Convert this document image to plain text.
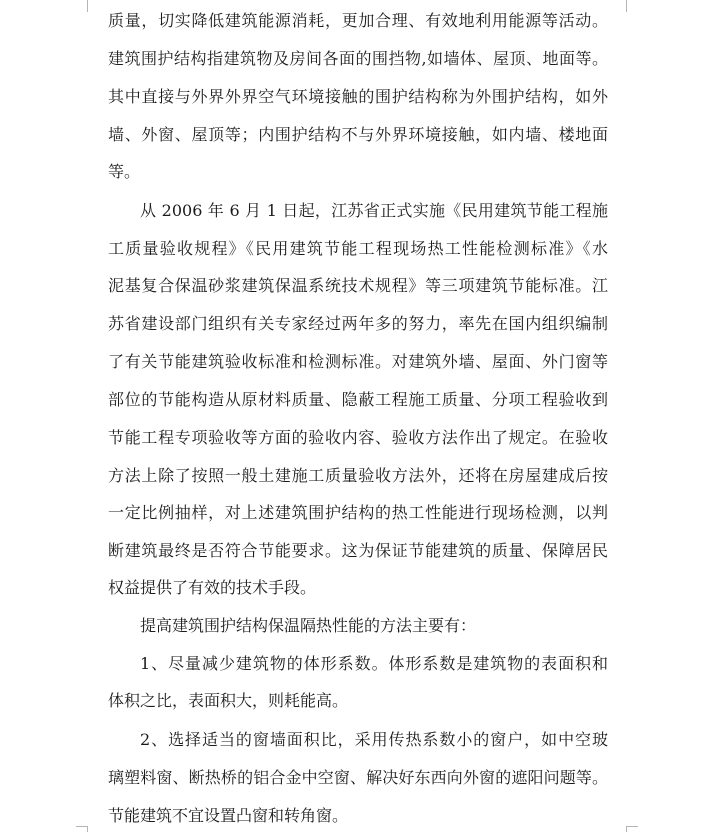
质量，切实降低建筑能源消耗，更加合理、有效地利用能源等活动。
建筑围护结构指建筑物及房间各面的围挡物,如墙体、屋顶、地面等。
其中直接与外界外界空气环境接触的围护结构称为外围护结构，如外
墙、外窗、屋顶等；内围护结构不与外界环境接触，如内墙、楼地面
等。
从 2006 年 6 月 1 日起，江苏省正式实施《民用建筑节能工程施
工质量验收规程》《民用建筑节能工程现场热工性能检测标准》《水
泥基复合保温砂浆建筑保温系统技术规程》等三项建筑节能标准。江
苏省建设部门组织有关专家经过两年多的努力，率先在国内组织编制
了有关节能建筑验收标准和检测标准。对建筑外墙、屋面、外门窗等
部位的节能构造从原材料质量、隐蔽工程施工质量、分项工程验收到
节能工程专项验收等方面的验收内容、验收方法作出了规定。在验收
方法上除了按照一般土建施工质量验收方法外，还将在房屋建成后按
一定比例抽样，对上述建筑围护结构的热工性能进行现场检测，以判
断建筑最终是否符合节能要求。这为保证节能建筑的质量、保障居民
权益提供了有效的技术手段。
提高建筑围护结构保温隔热性能的方法主要有：
1、尽量减少建筑物的体形系数。体形系数是建筑物的表面积和
体积之比，表面积大，则耗能高。
2、选择适当的窗墙面积比，采用传热系数小的窗户，如中空玻
璃塑料窗、断热桥的铝合金中空窗、解决好东西向外窗的遮阳问题等。
节能建筑不宜设置凸窗和转角窗。
